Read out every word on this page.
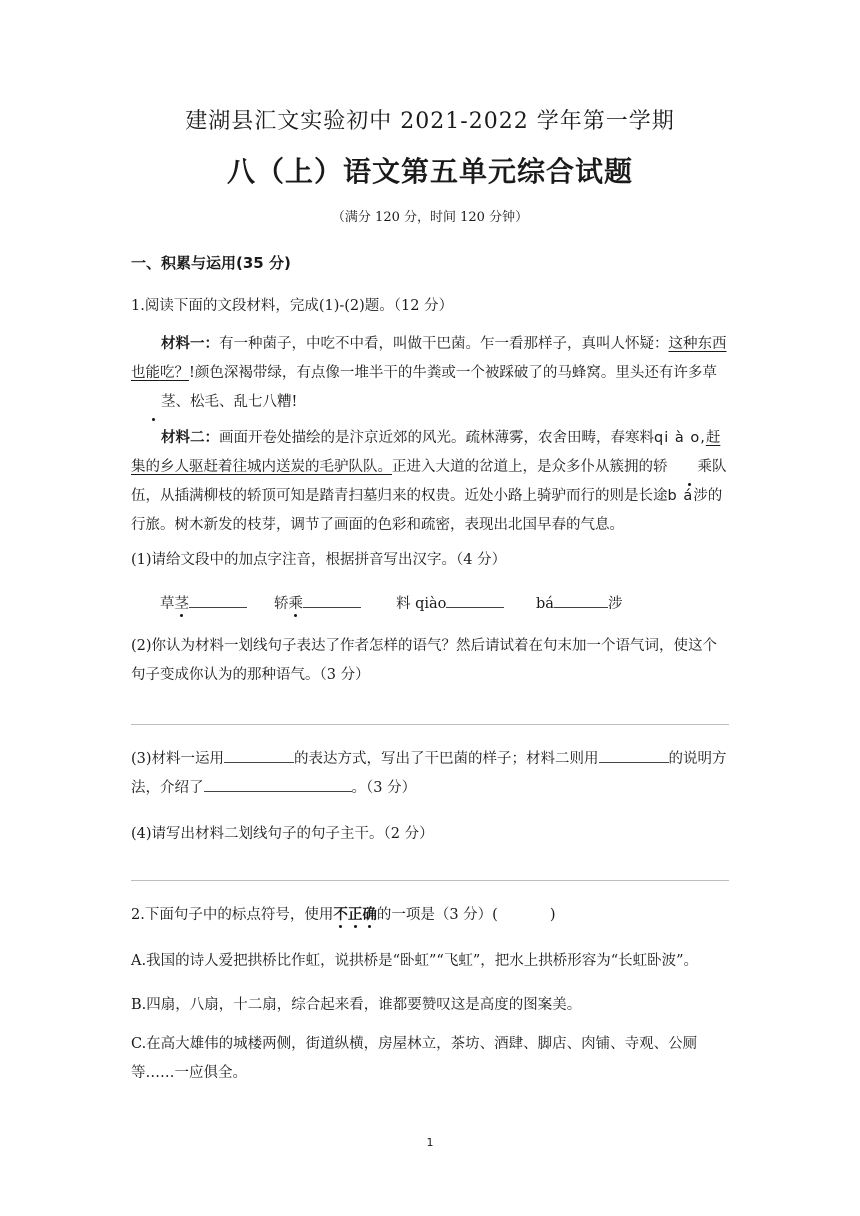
建湖县汇文实验初中 2021-2022 学年第一学期
八（上）语文第五单元综合试题
（满分 120 分，时间 120 分钟）
一、积累与运用(35 分)
1.阅读下面的文段材料，完成(1)-(2)题。（12 分）
材料一：有一种菌子，中吃不中看，叫做干巴菌。乍一看那样子，真叫人怀疑：这种东西也能吃？!颜色深褐带绿，有点像一堆半干的牛粪或一个被踩破了的马蜂窝。里头还有许多草茎、松毛、乱七八糟!
材料二：画面开卷处描绘的是汴京近郊的风光。疏林薄雾，农舍田畴，春寒料qi à o,赶集的乡人驱赶着往城内送炭的毛驴队队。正进入大道的岔道上，是众多仆从簇拥的轿 乘队伍，从插满柳枝的轿顶可知是踏青扫墓归来的权贵。近处小路上骑驴而行的则是长途b á涉的行旅。树木新发的枝芽，调节了画面的色彩和疏密，表现出北国早春的气息。
(1)请给文段中的加点字注音，根据拼音写出汉字。（4 分）
草茎	轿乘	料 qiào	bá	涉
(2)你认为材料一划线句子表达了作者怎样的语气？然后请试着在句末加一个语气词，使这个句子变成你认为的那种语气。（3 分）
(3)材料一运用	的表达方式，写出了干巴菌的样子；材料二则用	的说明方法，介绍了	。（3 分）
(4)请写出材料二划线句子的句子主干。（2 分）
2.下面句子中的标点符号，使用不正确的一项是（3 分）(	)
A.我国的诗人爱把拱桥比作虹，说拱桥是“卧虹”“飞虹”，把水上拱桥形容为“长虹卧波”。
B.四扇，八扇，十二扇，综合起来看，谁都要赞叹这是高度的图案美。
C.在高大雄伟的城楼两侧，街道纵横，房屋林立，茶坊、酒肆、脚店、肉铺、寺观、公厕等……一应俱全。
1
